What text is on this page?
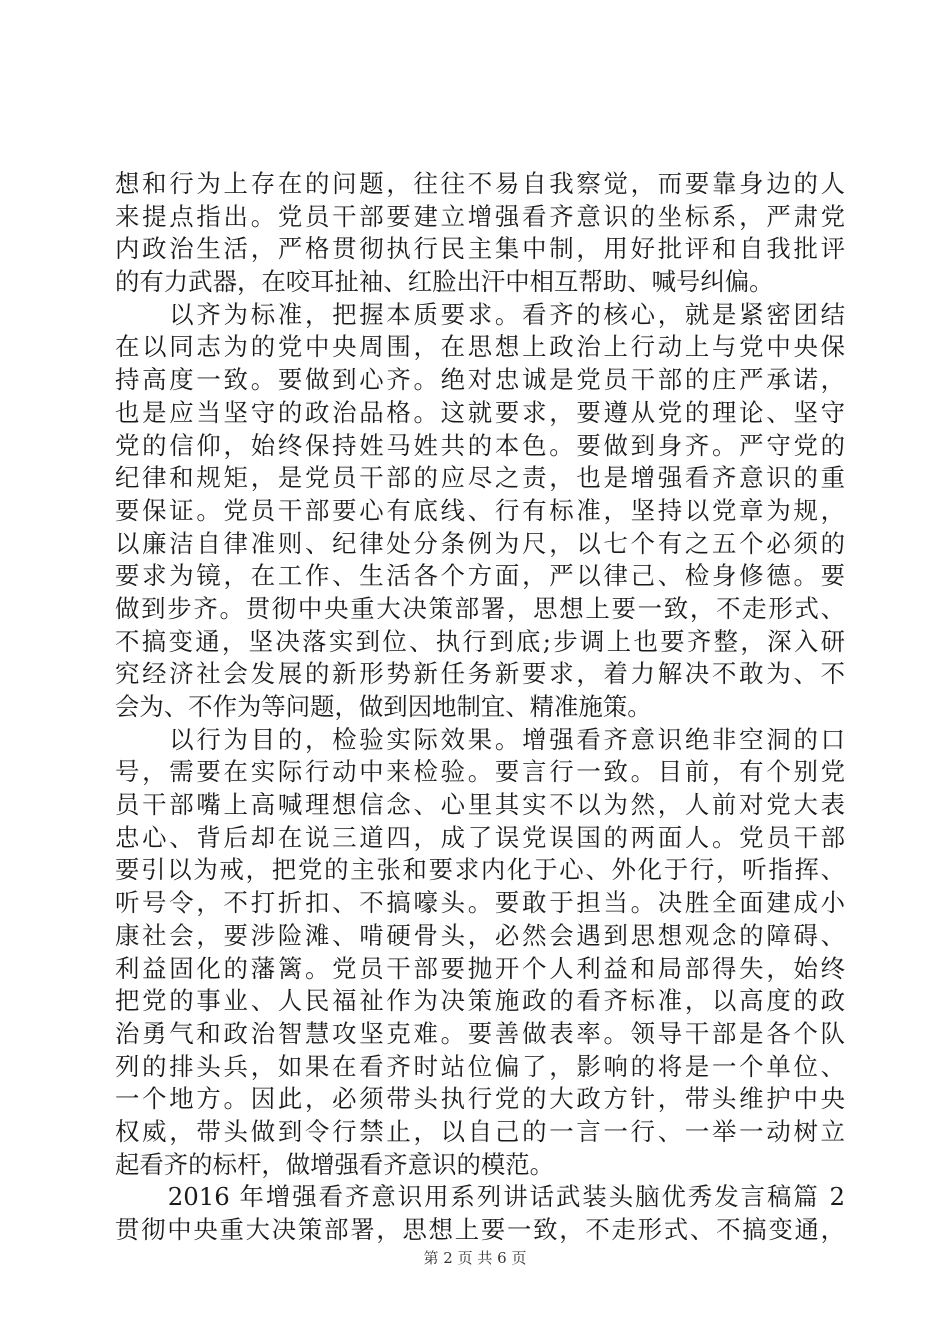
想和行为上存在的问题，往往不易自我察觉，而要靠身边的人
来提点指出。党员干部要建立增强看齐意识的坐标系，严肃党
内政治生活，严格贯彻执行民主集中制，用好批评和自我批评
的有力武器，在咬耳扯袖、红脸出汗中相互帮助、喊号纠偏。
　　以齐为标准，把握本质要求。看齐的核心，就是紧密团结
在以同志为的党中央周围，在思想上政治上行动上与党中央保
持高度一致。要做到心齐。绝对忠诚是党员干部的庄严承诺，
也是应当坚守的政治品格。这就要求，要遵从党的理论、坚守
党的信仰，始终保持姓马姓共的本色。要做到身齐。严守党的
纪律和规矩，是党员干部的应尽之责，也是增强看齐意识的重
要保证。党员干部要心有底线、行有标准，坚持以党章为规，
以廉洁自律准则、纪律处分条例为尺，以七个有之五个必须的
要求为镜，在工作、生活各个方面，严以律己、检身修德。要
做到步齐。贯彻中央重大决策部署，思想上要一致，不走形式、
不搞变通，坚决落实到位、执行到底;步调上也要齐整，深入研
究经济社会发展的新形势新任务新要求，着力解决不敢为、不
会为、不作为等问题，做到因地制宜、精准施策。
　　以行为目的，检验实际效果。增强看齐意识绝非空洞的口
号，需要在实际行动中来检验。要言行一致。目前，有个别党
员干部嘴上高喊理想信念、心里其实不以为然，人前对党大表
忠心、背后却在说三道四，成了误党误国的两面人。党员干部
要引以为戒，把党的主张和要求内化于心、外化于行，听指挥、
听号令，不打折扣、不搞嚎头。要敢于担当。决胜全面建成小
康社会，要涉险滩、啃硬骨头，必然会遇到思想观念的障碍、
利益固化的藩篱。党员干部要抛开个人利益和局部得失，始终
把党的事业、人民福祉作为决策施政的看齐标准，以高度的政
治勇气和政治智慧攻坚克难。要善做表率。领导干部是各个队
列的排头兵，如果在看齐时站位偏了，影响的将是一个单位、
一个地方。因此，必须带头执行党的大政方针，带头维护中央
权威，带头做到令行禁止，以自己的一言一行、一举一动树立
起看齐的标杆，做增强看齐意识的模范。
　　2016 年增强看齐意识用系列讲话武装头脑优秀发言稿篇 2
贯彻中央重大决策部署，思想上要一致，不走形式、不搞变通，
第 2 页 共 6 页
